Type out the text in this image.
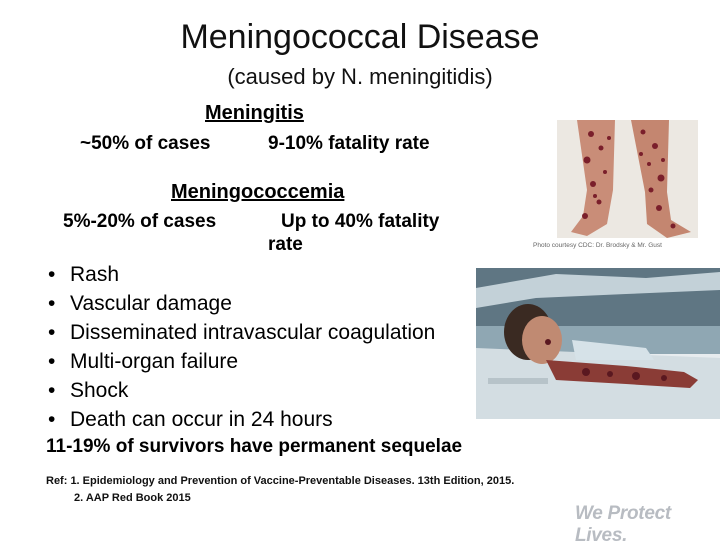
Meningococcal Disease
(caused by N. meningitidis)
Meningitis
~50% of cases	9-10% fatality rate
Meningococcemia
5%-20% of cases	Up to 40% fatality
rate
• Rash
• Vascular damage
• Disseminated intravascular coagulation
• Multi-organ failure
• Shock
• Death can occur in 24 hours
11-19% of survivors have permanent sequelae
Ref: 1. Epidemiology and Prevention of Vaccine-Preventable Diseases. 13th Edition, 2015.
2. AAP Red Book 2015
Photo courtesy CDC: Dr. Brodsky & Mr. Gust
We Protect Lives.
